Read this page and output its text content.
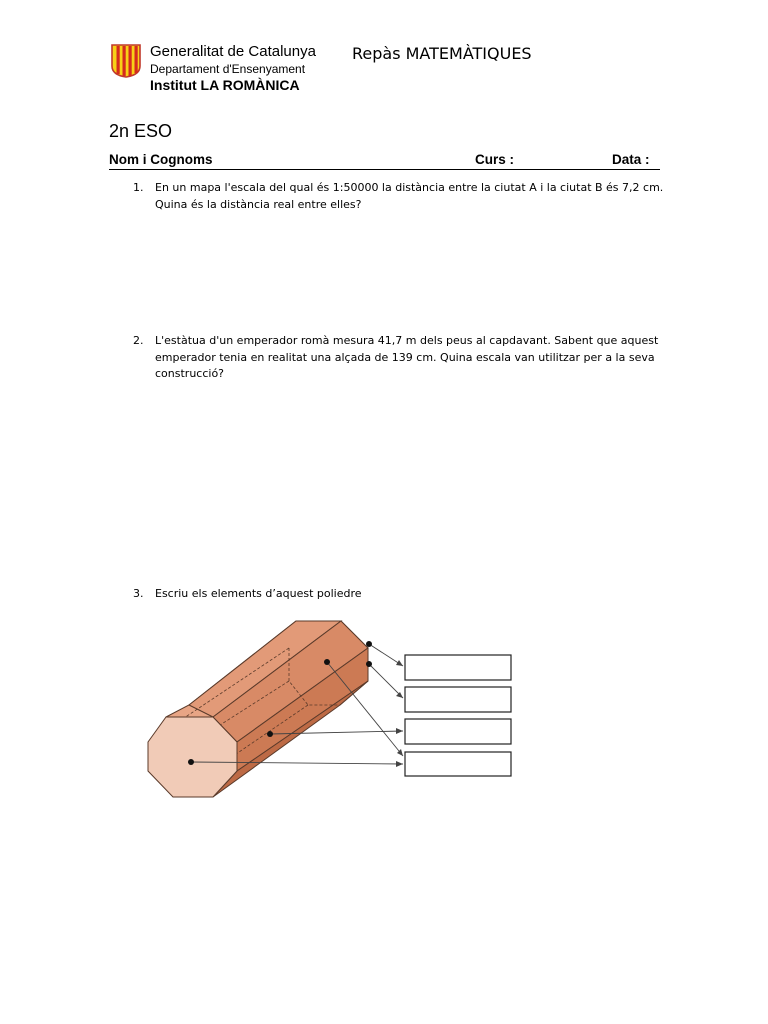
Generalitat de Catalunya
Departament d'Ensenyament
Institut LA ROMÀNICA
Repàs MATEMÀTIQUES
2n ESO
Nom i Cognoms	Curs :	Data :
1. En un mapa l'escala del qual és 1:50000 la distància entre la ciutat A i la ciutat B és 7,2 cm. Quina és la distància real entre elles?
2. L'estàtua d'un emperador romà mesura 41,7 m dels peus al capdavant. Sabent que aquest emperador tenia en realitat una alçada de 139 cm. Quina escala van utilitzar per a la seva construcció?
3. Escriu els elements d’aquest poliedre
